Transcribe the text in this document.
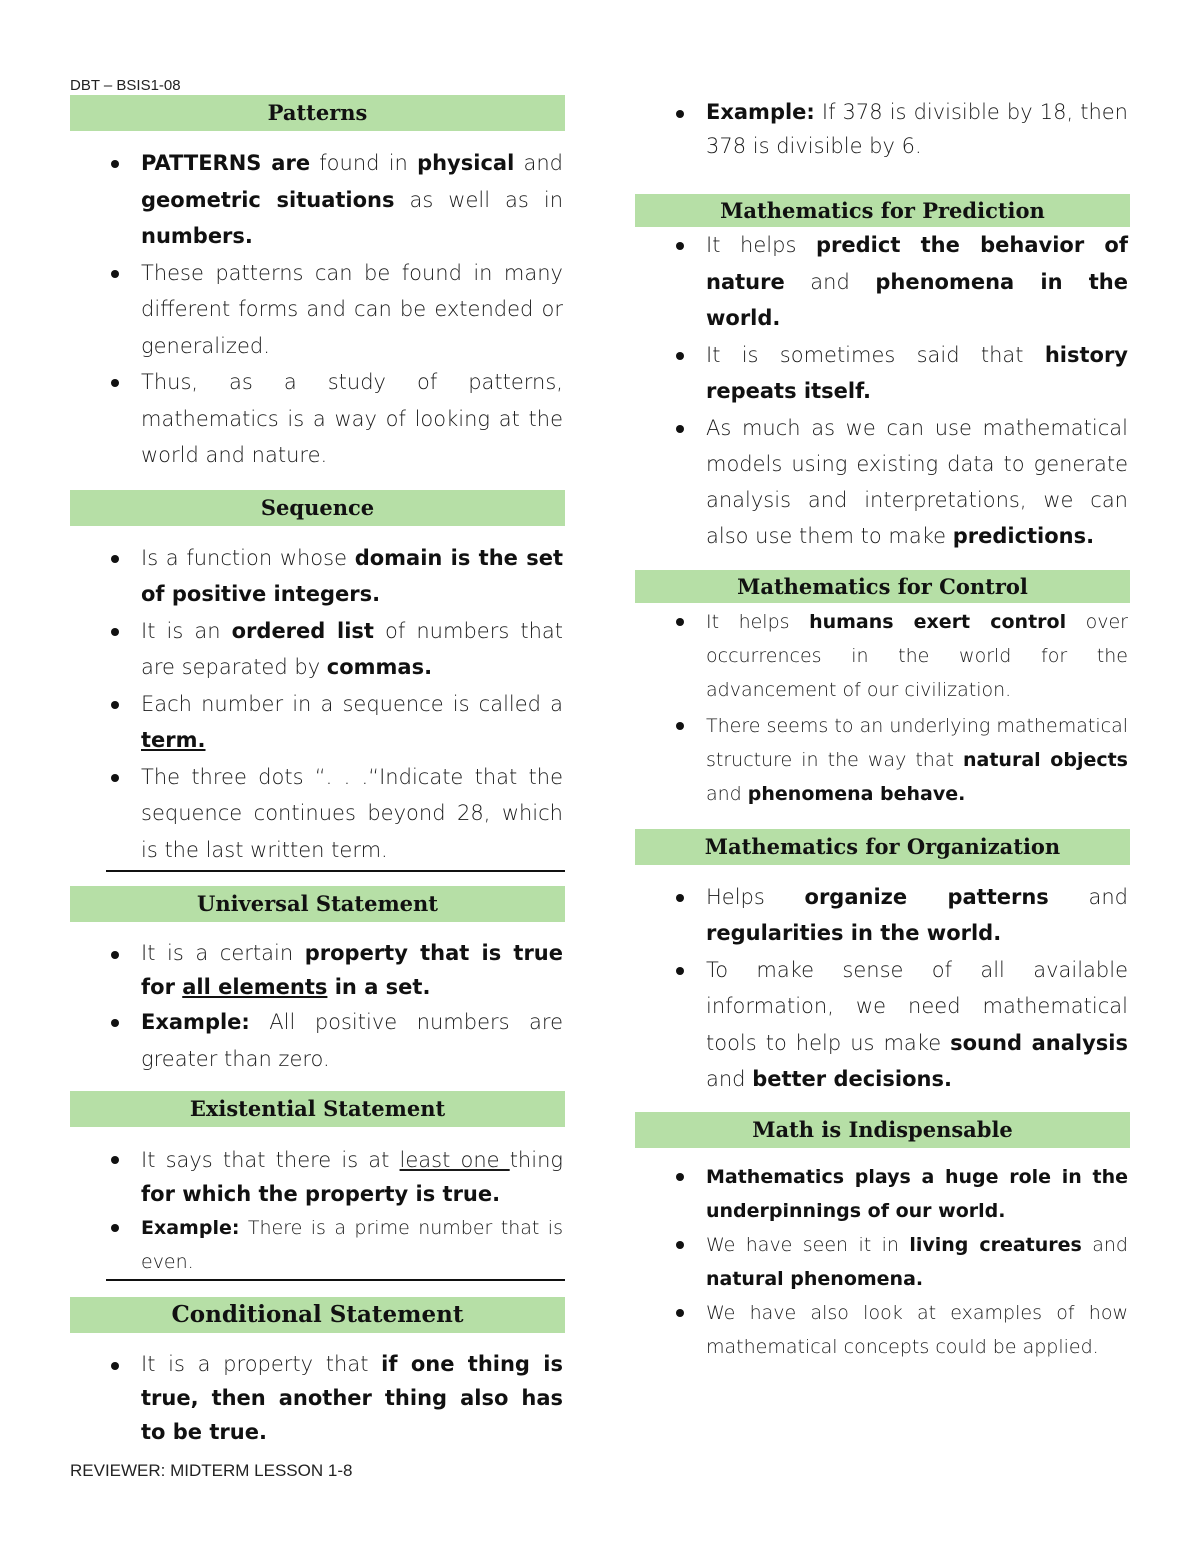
DBT – BSIS1-08
Patterns
PATTERNS are found in physical and geometric situations as well as in numbers.
These patterns can be found in many different forms and can be extended or generalized.
Thus, as a study of patterns, mathematics is a way of looking at the world and nature.
Sequence
Is a function whose domain is the set of positive integers.
It is an ordered list of numbers that are separated by commas.
Each number in a sequence is called a term.
The three dots “. . .“Indicate that the sequence continues beyond 28, which is the last written term.
Universal Statement
It is a certain property that is true for all elements in a set.
Example: All positive numbers are greater than zero.
Existential Statement
It says that there is at least one thing for which the property is true.
Example: There is a prime number that is even.
Conditional Statement
It is a property that if one thing is true, then another thing also has to be true.
Example: If 378 is divisible by 18, then 378 is divisible by 6.
Mathematics for Prediction
It helps predict the behavior of nature and phenomena in the world.
It is sometimes said that history repeats itself.
As much as we can use mathematical models using existing data to generate analysis and interpretations, we can also use them to make predictions.
Mathematics for Control
It helps humans exert control over occurrences in the world for the advancement of our civilization.
There seems to an underlying mathematical structure in the way that natural objects and phenomena behave.
Mathematics for Organization
Helps organize patterns and regularities in the world.
To make sense of all available information, we need mathematical tools to help us make sound analysis and better decisions.
Math is Indispensable
Mathematics plays a huge role in the underpinnings of our world.
We have seen it in living creatures and natural phenomena.
We have also look at examples of how mathematical concepts could be applied.
REVIEWER: MIDTERM LESSON 1-8
